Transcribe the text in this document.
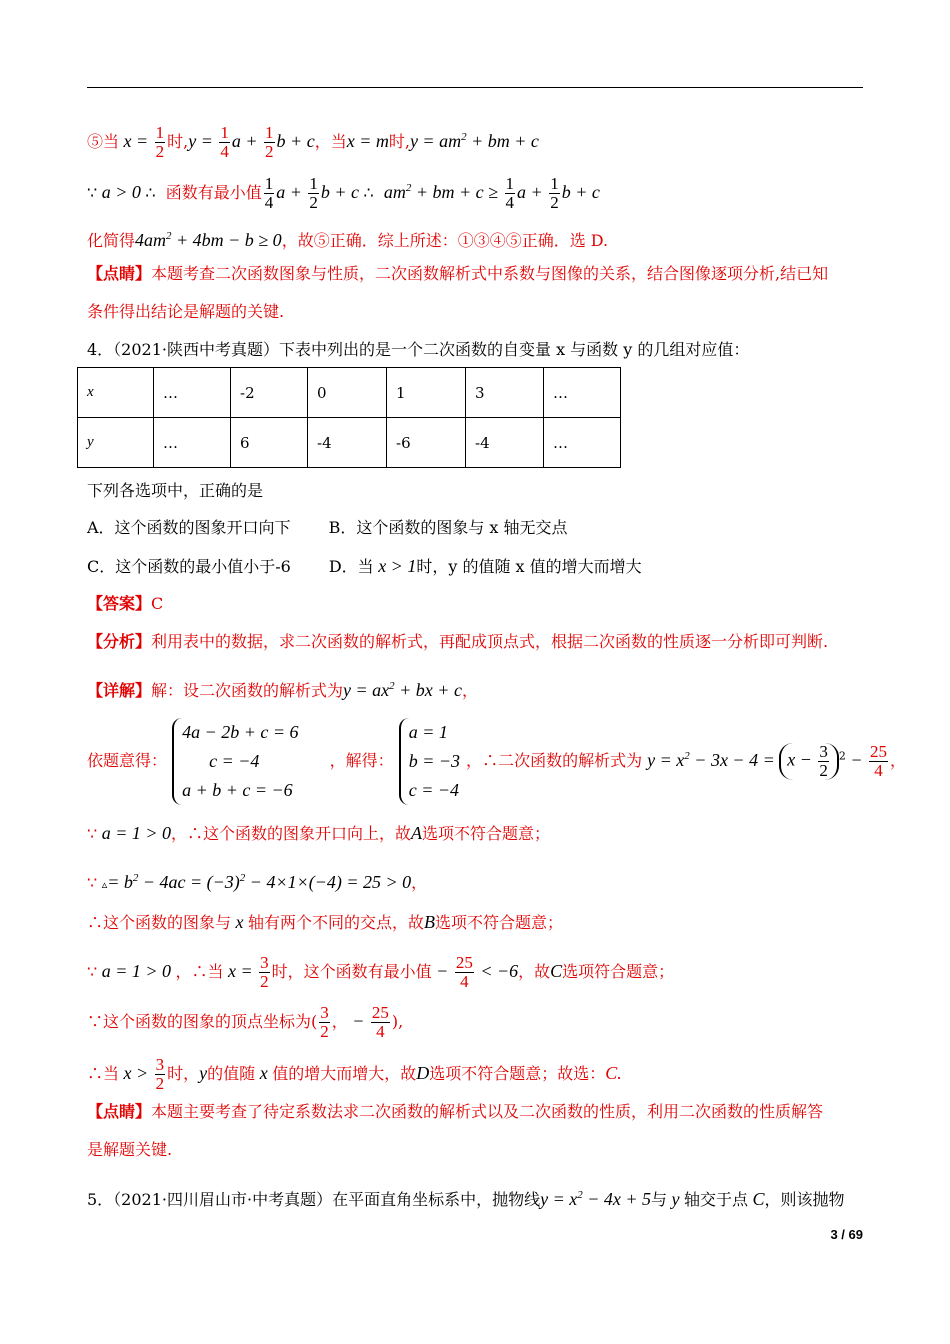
⑤当 $x = \frac{1}{2}$ 时$,y = \frac{1}{4}$ $a + \frac{1}{2}$ b + c，当x = m时$,y = am^2$ + bm + c
∵ a > 0 ∴ 函数有最小值 $\frac{1}{4}$ $a + \frac{1}{2}$ b + c ∴ $am^2$ + bm + $c \ge \frac{1}{4}$ $a + \frac{1}{2}$ b + c
化简得$4am^2 + 4bm - b \ge 0$，故⑤正确．综上所述：①③④⑤正确．选 D.
【点睛】本题考查二次函数图象与性质，二次函数解析式中系数与图像的关系，结合图像逐项分析,结已知
条件得出结论是解题的关键.
4．（2021·陕西中考真题）下表中列出的是一个二次函数的自变量 x 与函数 y 的几组对应值：
x	…	-2	0	1	3	…
y	…	6	-4	-6	-4	…
下列各选项中，正确的是
A．这个函数的图象开口向下 B．这个函数的图象与 x 轴无交点
C．这个函数的最小值小于-6 D．当 x > 1时，y 的值随 x 值的增大而增大
【答案】C
【分析】利用表中的数据，求二次函数的解析式，再配成顶点式，根据二次函数的性质逐一分析即可判断.
【详解】解：设二次函数的解析式为$y = ax^2$ + bx + c，
依题意得： 4a − 2b + c = 6
c = −4
a + b + c = −6 ，解得： a = 1
b = −3
c = −4，∴二次函数的解析式为 $y = x^2 - 3x - 4 = x - \frac{3}{2} ^2 - \frac{25}{4}$ ，
∵ a = 1 > 0，∴这个函数的图象开口向上，故A选项不符合题意；
∵ ▵= $b^2 - 4ac = (-3)^2 - 4\times 1\times(-4) = 25 > 0$，
∴这个函数的图象与 x 轴有两个不同的交点，故B选项不符合题意；
∵ a = 1 > 0 ，∴当 $x = \frac{3}{2}$ 时，这个函数有最小值 − $\frac{25}{4} < -6$，故C选项符合题意；
∵这个函数的图象的顶点坐标为( $\frac{3}{2}$ ， − $\frac{25}{4}$ ),
∴当 $x > \frac{3}{2}$ 时，y的值随 x 值的增大而增大，故D选项不符合题意；故选：C.
【点睛】本题主要考查了待定系数法求二次函数的解析式以及二次函数的性质，利用二次函数的性质解答
是解题关键.
5．（2021·四川眉山市·中考真题）在平面直角坐标系中，抛物线$y = x^2 - 4x + 5$与 y 轴交于点 C，则该抛物
3 / 69
